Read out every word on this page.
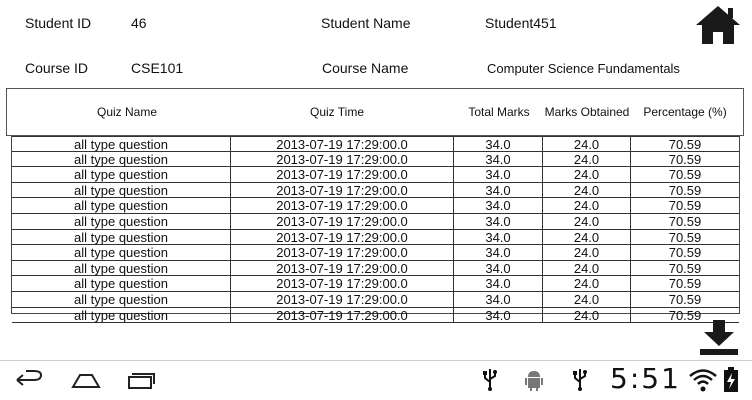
Student ID	46	Student Name	Student451
Course ID	CSE101	Course Name	Computer Science Fundamentals
Quiz Name	Quiz Time	Total Marks	Marks Obtained	Percentage (%)
all type question	2013-07-19 17:29:00.0	34.0	24.0	70.59
all type question	2013-07-19 17:29:00.0	34.0	24.0	70.59
all type question	2013-07-19 17:29:00.0	34.0	24.0	70.59
all type question	2013-07-19 17:29:00.0	34.0	24.0	70.59
all type question	2013-07-19 17:29:00.0	34.0	24.0	70.59
all type question	2013-07-19 17:29:00.0	34.0	24.0	70.59
all type question	2013-07-19 17:29:00.0	34.0	24.0	70.59
all type question	2013-07-19 17:29:00.0	34.0	24.0	70.59
all type question	2013-07-19 17:29:00.0	34.0	24.0	70.59
all type question	2013-07-19 17:29:00.0	34.0	24.0	70.59
all type question	2013-07-19 17:29:00.0	34.0	24.0	70.59
all type question	2013-07-19 17:29:00.0	34.0	24.0	70.59
5:51
